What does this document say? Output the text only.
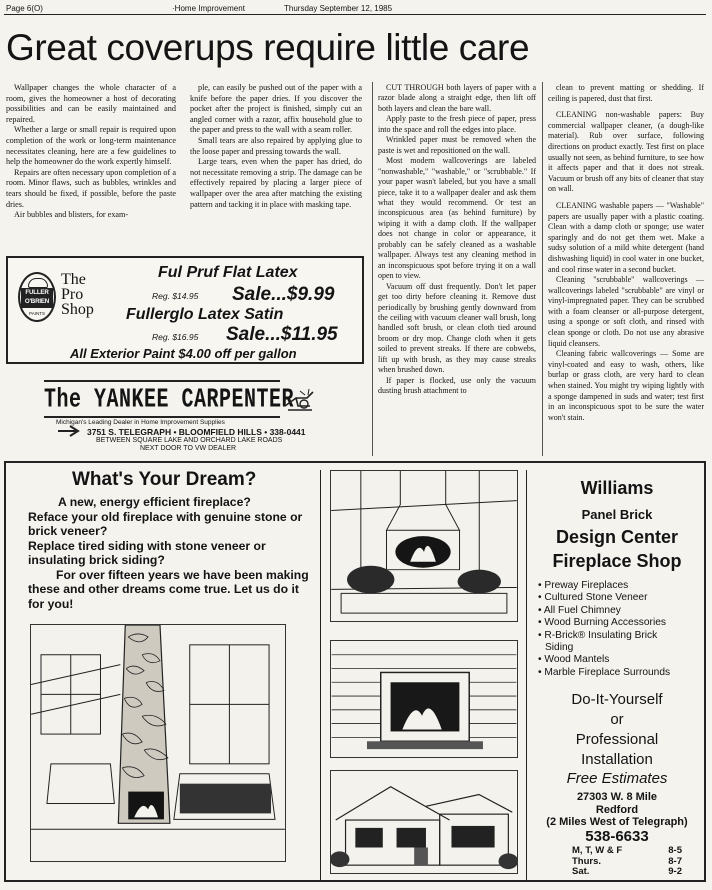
Page 6(O)	·Home Improvement	Thursday September 12, 1985
Great coverups require little care

Wallpaper changes the whole character of a room, gives the homeowner a host of decorating possibilities and can be easily maintained and repaired.

Whether a large or small repair is required upon completion of the work or long-term maintenance necessitates cleaning, here are a few guidelines to help the homeowner do the work expertly himself.

Repairs are often necessary upon completion of a room. Minor flaws, such as bubbles, wrinkles and tears should be fixed, if possible, before the paste dries.

Air bubbles and blisters, for exam-

ple, can easily be pushed out of the paper with a knife before the paper dries. If you discover the pocket after the project is finished, simply cut an angled corner with a razor, affix household glue to the paper and press to the wall with a seam roller.

Small tears are also repaired by applying glue to the loose paper and pressing towards the wall.

Large tears, even when the paper has dried, do not necessitate removing a strip. The damage can be effectively repaired by placing a larger piece of wallpaper over the area after matching the existing pattern and tacking it in place with masking tape.

CUT THROUGH both layers of paper with a razor blade along a straight edge, then lift off both layers and clean the bare wall.

Apply paste to the fresh piece of paper, press into the space and roll the edges into place.

Wrinkled paper must be removed when the paste is wet and repositioned on the wall.

Most modern wallcoverings are labeled "nonwashable," "washable," or "scrubbable." If your paper wasn't labeled, but you have a small piece, take it to a wallpaper dealer and ask them what they would recommend. Or test an inconspicuous area (as behind furniture) by wiping it with a damp cloth. If the wallpaper does not change in color or appearance, it probably can be safely cleaned as a washable wallpaper. Always test any cleaning method in an inconspicuous spot before trying it on a wall open to view.

Vacuum off dust frequently. Don't let paper get too dirty before cleaning it. Remove dust periodically by brushing gently downward from the ceiling with vacuum cleaner wall brush, long handled soft brush, or clean cloth tied around broom or dry mop. Change cloth when it gets soiled to prevent streaks. If there are cobwebs, lift up with brush, as they may cause streaks when brushed down.

If paper is flocked, use only the vacuum dusting brush attachment to

clean to prevent matting or shedding. If ceiling is papered, dust that first.

CLEANING non-washable papers: Buy commercial wallpaper cleaner, (a dough-like material). Rub over surface, following directions on product exactly. Test first on place usually not seen, as behind furniture, to see how it affects paper and that it does not streak. Vacuum or brush off any bits of cleaner that stay on wall.

CLEANING washable papers — "Washable" papers are usually paper with a plastic coating. Clean with a damp cloth or sponge; use water sparingly and do not get them wet. Make a sudsy solution of a mild white detergent (hand dishwashing liquid) in cool water in one bucket, and cool rinse water in a second bucket.

Cleaning "scrubbable" wallcoverings — wallcoverings labeled "scrubbable" are vinyl or vinyl-impregnated paper. They can be scrubbed with a foam cleanser or all-purpose detergent, using a sponge or soft cloth, and rinsed with clean sponge or cloth. Do not use any abrasive liquid cleansers.

Cleaning fabric wallcoverings — Some are vinyl-coated and easy to wash, others, like burlap or grass cloth, are very hard to clean when stained. You might try wiping lightly with a sponge dampened in suds and water; test first in an inconspicuous spot to be sure the water won't stain.

FULLER
O'BRIEN
PAINTS
The
Pro
Shop
Ful Pruf Flat Latex
Reg. $14.95 Sale...$9.99
Fullerglo Latex Satin
Reg. $16.95 Sale...$11.95
All Exterior Paint $4.00 off per gallon
The YANKEE CARPENTER
Michigan's Leading Dealer in Home Improvement Supplies
3751 S. TELEGRAPH • BLOOMFIELD HILLS • 338-0441
BETWEEN SQUARE LAKE AND ORCHARD LAKE ROADS
NEXT DOOR TO VW DEALER
What's Your Dream?
A new, energy efficient fireplace?
Reface your old fireplace with genuine stone or brick veneer?
Replace tired siding with stone veneer or insulating brick siding?
For over fifteen years we have been making these and other dreams come true. Let us do it for you!
Williams
Panel Brick
Design Center
Fireplace Shop
• Preway Fireplaces
• Cultured Stone Veneer
• All Fuel Chimney
• Wood Burning Accessories
• R-Brick® Insulating Brick
Siding
• Wood Mantels
• Marble Fireplace Surrounds
Do-It-Yourself
or
Professional
Installation
Free Estimates
27303 W. 8 Mile
Redford
(2 Miles West of Telegraph)
538-6633
M, T, W & F	8-5
Thurs.	8-7
Sat.	9-2
